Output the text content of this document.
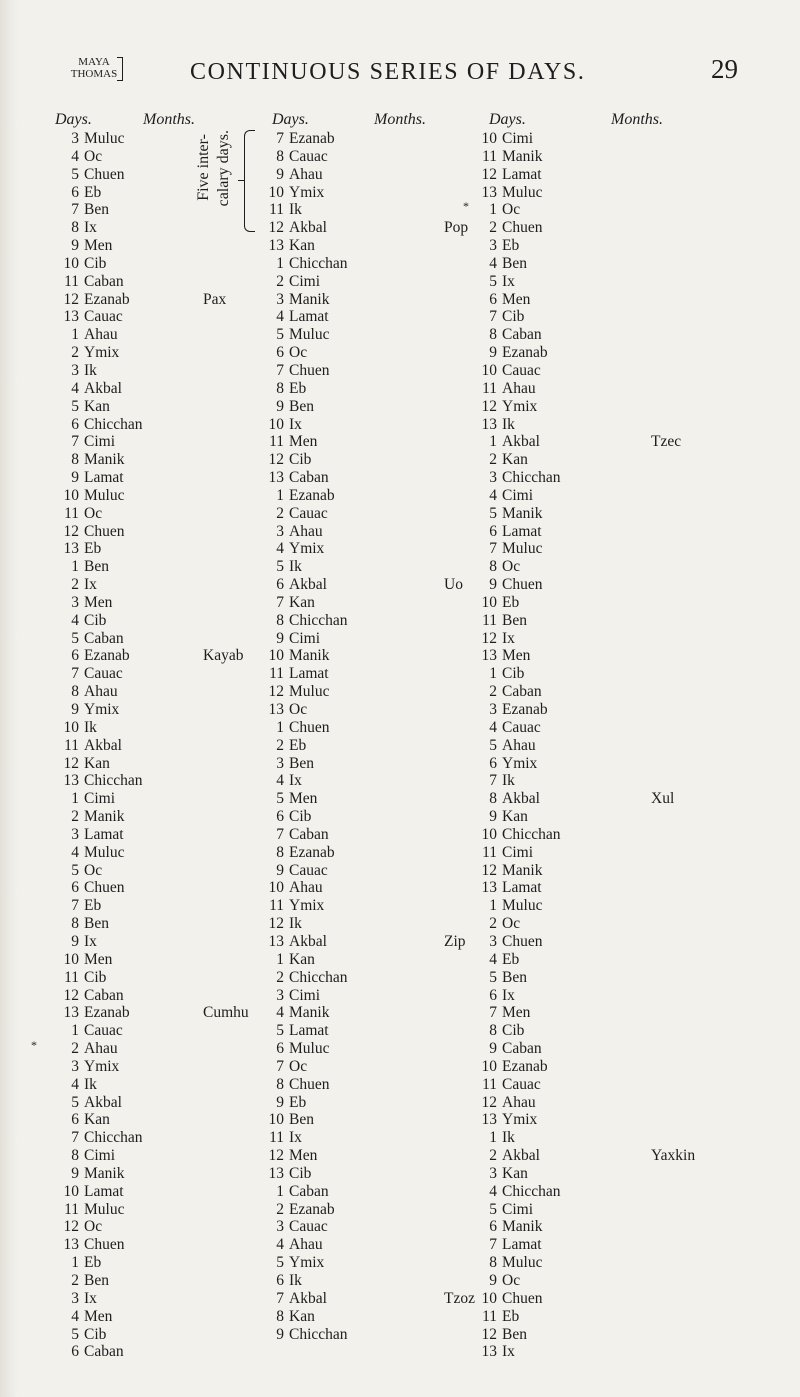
MAYA
THOMAS	CONTINUOUS SERIES OF DAYS.	29
Days.	Months.
3 Muluc
4 Oc
5 Chuen
6 Eb
7 Ben
8 Ix
9 Men
10 Cib
11 Caban
12 Ezanab	Pax
13 Cauac
1 Ahau
2 Ymix
3 Ik
4 Akbal
5 Kan
6 Chicchan
7 Cimi
8 Manik
9 Lamat
10 Muluc
11 Oc
12 Chuen
13 Eb
1 Ben
2 Ix
3 Men
4 Cib
5 Caban
6 Ezanab	Kayab
7 Cauac
8 Ahau
9 Ymix
10 Ik
11 Akbal
12 Kan
13 Chicchan
1 Cimi
2 Manik
3 Lamat
4 Muluc
5 Oc
6 Chuen
7 Eb
8 Ben
9 Ix
10 Men
11 Cib
12 Caban
13 Ezanab	Cumhu
1 Cauac
* 2 Ahau
3 Ymix
4 Ik
5 Akbal
6 Kan
7 Chicchan
8 Cimi
9 Manik
10 Lamat
11 Muluc
12 Oc
13 Chuen
1 Eb
2 Ben
3 Ix
4 Men
5 Cib
6 Caban
Days.	Months.
7 Ezanab
8 Cauac
9 Ahau
10 Ymix
11 Ik
12 Akbal	Pop
13 Kan
1 Chicchan
2 Cimi
3 Manik
4 Lamat
5 Muluc
6 Oc
7 Chuen
8 Eb
9 Ben
10 Ix
11 Men
12 Cib
13 Caban
1 Ezanab
2 Cauac
3 Ahau
4 Ymix
5 Ik
6 Akbal	Uo
7 Kan
8 Chicchan
9 Cimi
10 Manik
11 Lamat
12 Muluc
13 Oc
1 Chuen
2 Eb
3 Ben
4 Ix
5 Men
6 Cib
7 Caban
8 Ezanab
9 Cauac
10 Ahau
11 Ymix
12 Ik
13 Akbal	Zip
1 Kan
2 Chicchan
3 Cimi
4 Manik
5 Lamat
6 Muluc
7 Oc
8 Chuen
9 Eb
10 Ben
11 Ix
12 Men
13 Cib
1 Caban
2 Ezanab
3 Cauac
4 Ahau
5 Ymix
6 Ik
7 Akbal	Tzoz
8 Kan
9 Chicchan
Days.	Months.
10 Cimi
11 Manik
12 Lamat
13 Muluc
* 1 Oc
2 Chuen
3 Eb
4 Ben
5 Ix
6 Men
7 Cib
8 Caban
9 Ezanab
10 Cauac
11 Ahau
12 Ymix
13 Ik
1 Akbal	Tzec
2 Kan
3 Chicchan
4 Cimi
5 Manik
6 Lamat
7 Muluc
8 Oc
9 Chuen
10 Eb
11 Ben
12 Ix
13 Men
1 Cib
2 Caban
3 Ezanab
4 Cauac
5 Ahau
6 Ymix
7 Ik
8 Akbal	Xul
9 Kan
10 Chicchan
11 Cimi
12 Manik
13 Lamat
1 Muluc
2 Oc
3 Chuen
4 Eb
5 Ben
6 Ix
7 Men
8 Cib
9 Caban
10 Ezanab
11 Cauac
12 Ahau
13 Ymix
1 Ik
2 Akbal	Yaxkin
3 Kan
4 Chicchan
5 Cimi
6 Manik
7 Lamat
8 Muluc
9 Oc
10 Chuen
11 Eb
12 Ben
13 Ix
Five inter- calary days.
